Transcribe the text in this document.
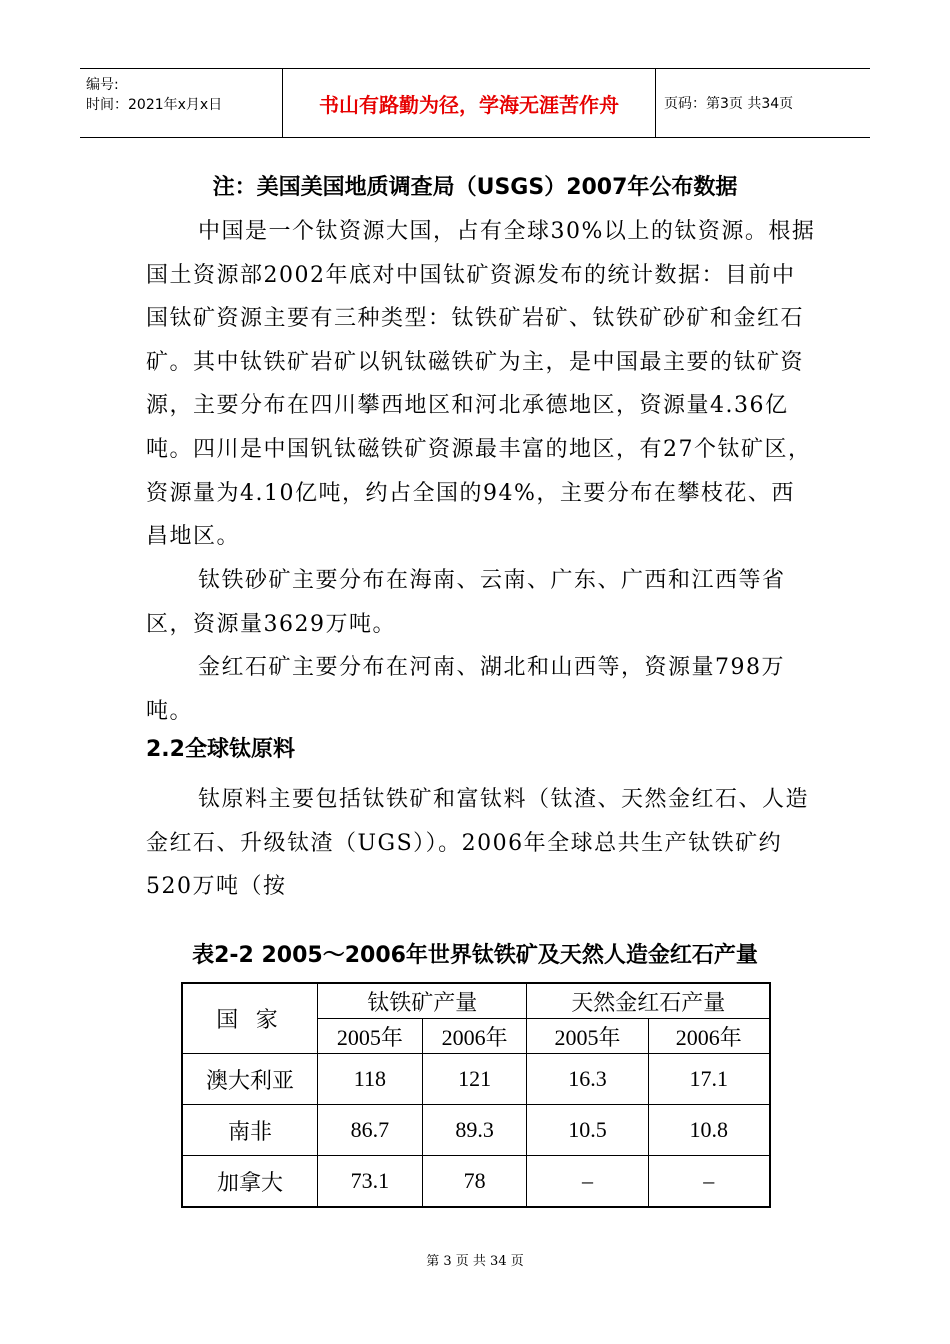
编号:
时间：2021年x月x日	书山有路勤为径，学海无涯苦作舟	页码：第3页 共34页
注：美国美国地质调查局（USGS）2007年公布数据

中国是一个钛资源大国，占有全球30%以上的钛资源。根据国土资源部2002年底对中国钛矿资源发布的统计数据：目前中国钛矿资源主要有三种类型：钛铁矿岩矿、钛铁矿砂矿和金红石矿。其中钛铁矿岩矿以钒钛磁铁矿为主，是中国最主要的钛矿资源，主要分布在四川攀西地区和河北承德地区，资源量4.36亿吨。四川是中国钒钛磁铁矿资源最丰富的地区，有27个钛矿区，资源量为4.10亿吨，约占全国的94%，主要分布在攀枝花、西昌地区。

钛铁砂矿主要分布在海南、云南、广东、广西和江西等省区，资源量3629万吨。

金红石矿主要分布在河南、湖北和山西等，资源量798万吨。

2.2全球钛原料

钛原料主要包括钛铁矿和富钛料（钛渣、天然金红石、人造金红石、升级钛渣（UGS））。2006年全球总共生产钛铁矿约520万吨（按

表2-2 2005～2006年世界钛铁矿及天然人造金红石产量
国 家	钛铁矿产量		天然金红石产量	
	2005年	2006年	2005年	2006年
澳大利亚	118	121	16.3	17.1
南非	86.7	89.3	10.5	10.8
加拿大	73.1	78	–	–
第 3 页 共 34 页
